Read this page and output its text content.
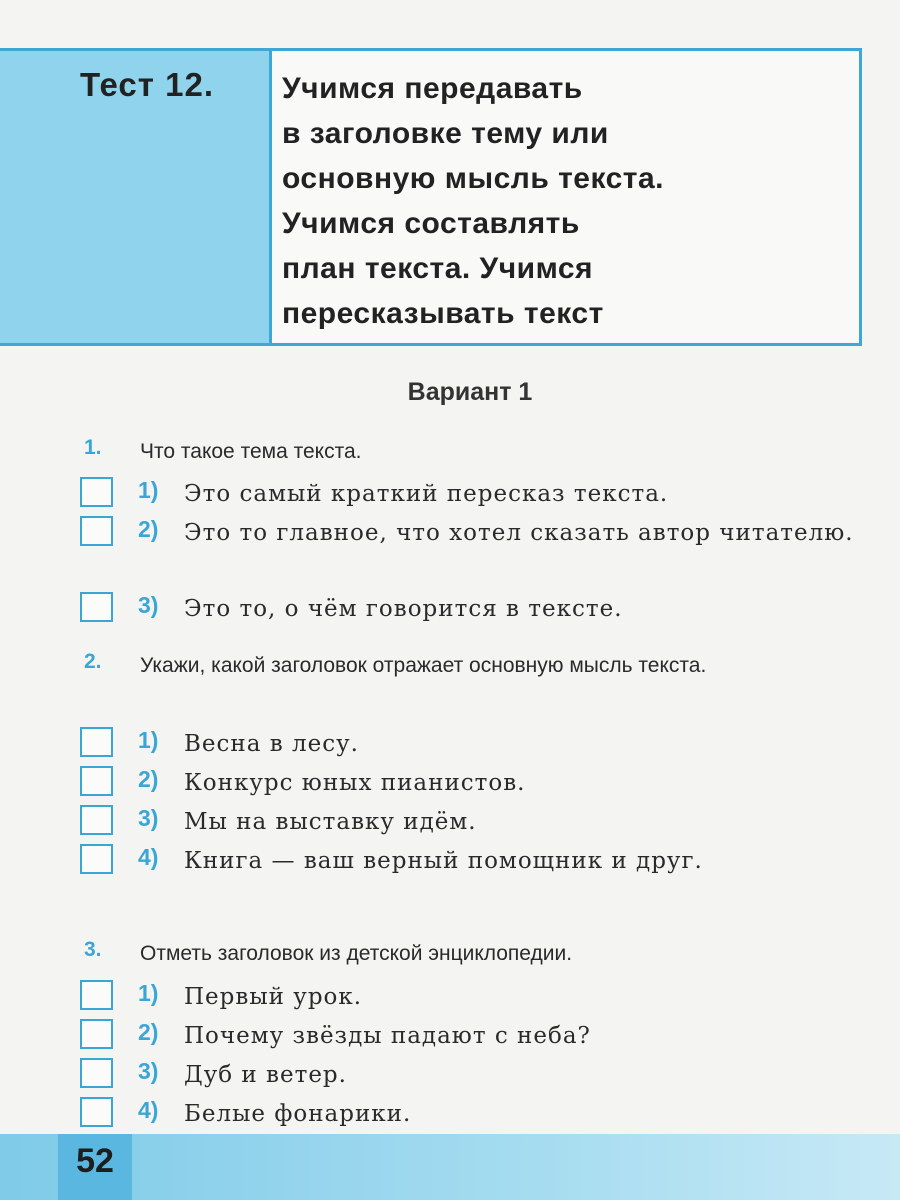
Тест 12. Учимся передавать
в заголовке тему или
основную мысль текста.
Учимся составлять
план текста. Учимся
пересказывать текст
Вариант 1
1. Что такое тема текста.
1) Это самый краткий пересказ текста.
2) Это то главное, что хотел сказать автор читателю.
3) Это то, о чём говорится в тексте.
2. Укажи, какой заголовок отражает основную мысль текста.
1) Весна в лесу.
2) Конкурс юных пианистов.
3) Мы на выставку идём.
4) Книга — ваш верный помощник и друг.
3. Отметь заголовок из детской энциклопедии.
1) Первый урок.
2) Почему звёзды падают с неба?
3) Дуб и ветер.
4) Белые фонарики.
52
